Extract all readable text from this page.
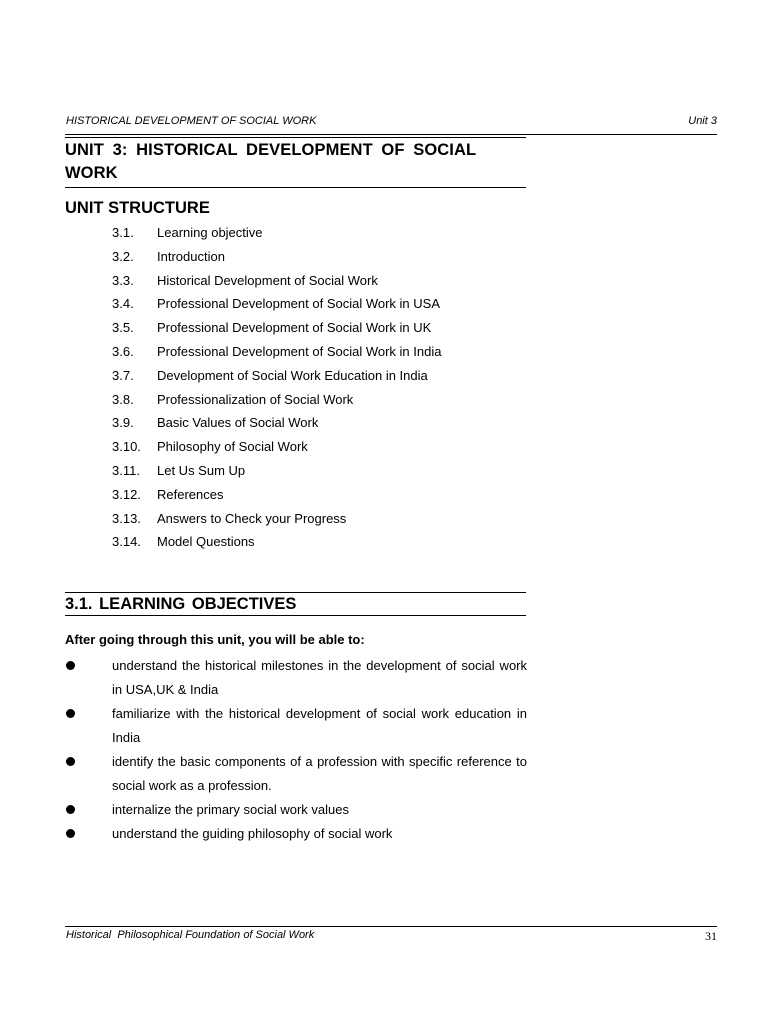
HISTORICAL DEVELOPMENT OF SOCIAL WORK	Unit 3
UNIT 3: HISTORICAL DEVELOPMENT OF SOCIAL WORK
UNIT STRUCTURE
3.1. Learning objective
3.2. Introduction
3.3. Historical Development of Social Work
3.4. Professional Development of Social Work in USA
3.5. Professional Development of Social Work in UK
3.6. Professional Development of Social Work in India
3.7. Development of Social Work Education in India
3.8. Professionalization of Social Work
3.9. Basic Values of Social Work
3.10. Philosophy of Social Work
3.11. Let Us Sum Up
3.12. References
3.13. Answers to Check your Progress
3.14. Model Questions
3.1. LEARNING OBJECTIVES
After going through this unit, you will be able to:
understand the historical milestones in the development of social work in USA,UK & India
familiarize with the historical development of social work education in India
identify the basic components of a profession with specific reference to social work as a profession.
internalize the primary social work values
understand the guiding philosophy of social work
Historical  Philosophical Foundation of Social Work	31
